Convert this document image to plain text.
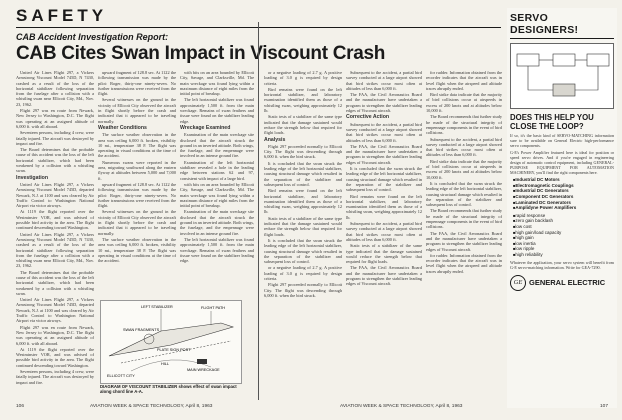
SAFETY
CAB Accident Investigation Report:
CAB Cites Swan Impact in Viscount Crash

United Air Lines Flight 297, a Vickers Armstrong Viscount Model 745D, N 7430, crashed as a result of the loss of the horizontal stabilizer following separation from the fuselage after a collision with a whistling swan near Ellicott City, Md., Nov. 23, 1962.

Flight 297 was en route from Newark, New Jersey to Washington, D.C. The flight was operating at an assigned altitude of 6,000 ft. with all aboard.

Seventeen persons, including 4 crew, were fatally injured. The aircraft was destroyed by impact and fire.

The Board determines that the probable cause of this accident was the loss of the left horizontal stabilizer, which had been weakened by a collision with a whistling swan.

Investigation

United Air Lines Flight 297, a Vickers Armstrong Viscount Model 745D, departed Newark, N.J. at 1100 and was cleared by Air Traffic Control to Washington National Airport via victor airways.

At 1119 the flight reported over the Westminster VOR, and was advised of possible bird activity in the area. The flight continued descending toward Washington.

United Air Lines Flight 297, a Vickers Armstrong Viscount Model 745D, N 7430, crashed as a result of the loss of the horizontal stabilizer following separation from the fuselage after a collision with a whistling swan near Ellicott City, Md., Nov. 23, 1962.

The Board determines that the probable cause of this accident was the loss of the left horizontal stabilizer, which had been weakened by a collision with a whistling swan.

United Air Lines Flight 297, a Vickers Armstrong Viscount Model 745D, departed Newark, N.J. at 1100 and was cleared by Air Traffic Control to Washington National Airport via victor airways.

Flight 297 was en route from Newark, New Jersey to Washington, D.C. The flight was operating at an assigned altitude of 6,000 ft. with all aboard.

At 1119 the flight reported over the Westminster VOR, and was advised of possible bird activity in the area. The flight continued descending toward Washington.

Seventeen persons, including 4 crew, were fatally injured. The aircraft was destroyed by impact and fire.

upward fragment of 128.8 sec. At 1122 the following transmission was made by the pilot: Roger, thirty-one ninety-seven. No further transmissions were received from the flight.

Several witnesses on the ground in the vicinity of Ellicott City observed the aircraft in flight shortly before the crash and indicated that it appeared to be traveling normally.

Weather Conditions

The surface weather observation in the area was ceiling 6,000 ft. broken, visibility 10 mi., temperature 38 F. The flight was operating in visual conditions at the time of the accident.

Numerous swans were reported in the area, migrating southward along the eastern flyway at altitudes between 5,000 and 7,000 ft.

upward fragment of 128.8 sec. At 1122 the following transmission was made by the pilot: Roger, thirty-one ninety-seven. No further transmissions were received from the flight.

Several witnesses on the ground in the vicinity of Ellicott City observed the aircraft in flight shortly before the crash and indicated that it appeared to be traveling normally.

The surface weather observation in the area was ceiling 6,000 ft. broken, visibility 10 mi., temperature 38 F. The flight was operating in visual conditions at the time of the accident.

with bits on an area bounded by Ellicott City, Savage, and Clarksville, Md. The main wreckage was found lying within a maximum distance of eight miles from the initial point of breakup.

The left horizontal stabilizer was found approximately 1,500 ft. from the main wreckage. Remains of swan feathers and tissue were found on the stabilizer leading edge.

Wreckage Examined

Examination of the main wreckage site disclosed that the aircraft struck the ground in an inverted attitude. Both wings, the fuselage, and the empennage were involved in an intense ground fire.

Examination of the left horizontal stabilizer revealed a hole in the leading edge between stations 62 and 97, consistent with impact of a large bird.

with bits on an area bounded by Ellicott City, Savage, and Clarksville, Md. The main wreckage was found lying within a maximum distance of eight miles from the initial point of breakup.

Examination of the main wreckage site disclosed that the aircraft struck the ground in an inverted attitude. Both wings, the fuselage, and the empennage were involved in an intense ground fire.

The left horizontal stabilizer was found approximately 1,500 ft. from the main wreckage. Remains of swan feathers and tissue were found on the stabilizer leading edge.

LEFT STABILIZER	FLIGHT PATH
MAIN WRECKAGE
ELLICOTT CITY
SWAN FRAGMENTS
PLATE SIGN POST
HILL
DIAGRAM OF VISCOUNT STABILIZER shows effect of swan impact along chord line A-A.

or a negative loading of 2.7 g. A positive loading of 3.0 g is required by design criteria.

Bird remains were found on the left horizontal stabilizer, and laboratory examination identified them as those of a whistling swan, weighing approximately 12 lb.

Static tests of a stabilizer of the same type indicated that the damage sustained would reduce the strength below that required for flight loads.

Analysis

Flight 297 proceeded normally to Ellicott City. The flight was descending through 6,000 ft. when the bird struck.

It is concluded that the swan struck the leading edge of the left horizontal stabilizer, causing structural damage which resulted in the separation of the stabilizer and subsequent loss of control.

Bird remains were found on the left horizontal stabilizer, and laboratory examination identified them as those of a whistling swan, weighing approximately 12 lb.

Static tests of a stabilizer of the same type indicated that the damage sustained would reduce the strength below that required for flight loads.

It is concluded that the swan struck the leading edge of the left horizontal stabilizer, causing structural damage which resulted in the separation of the stabilizer and subsequent loss of control.

or a negative loading of 2.7 g. A positive loading of 3.0 g is required by design criteria.

Flight 297 proceeded normally to Ellicott City. The flight was descending through 6,000 ft. when the bird struck.

Subsequent to the accident, a partial bird survey conducted at a large airport showed that bird strikes occur most often at altitudes of less than 6,000 ft.

The FAA, the Civil Aeronautics Board and the manufacturer have undertaken a program to strengthen the stabilizer leading edges of Viscount aircraft.

Corrective Action

Subsequent to the accident, a partial bird survey conducted at a large airport showed that bird strikes occur most often at altitudes of less than 6,000 ft.

The FAA, the Civil Aeronautics Board and the manufacturer have undertaken a program to strengthen the stabilizer leading edges of Viscount aircraft.

It is concluded that the swan struck the leading edge of the left horizontal stabilizer, causing structural damage which resulted in the separation of the stabilizer and subsequent loss of control.

Bird remains were found on the left horizontal stabilizer, and laboratory examination identified them as those of a whistling swan, weighing approximately 12 lb.

Subsequent to the accident, a partial bird survey conducted at a large airport showed that bird strikes occur most often at altitudes of less than 6,000 ft.

Static tests of a stabilizer of the same type indicated that the damage sustained would reduce the strength below that required for flight loads.

The FAA, the Civil Aeronautics Board and the manufacturer have undertaken a program to strengthen the stabilizer leading edges of Viscount aircraft.

for rudder. Information obtained from the recorder indicates that the aircraft was in level flight when the airspeed and altitude traces abruptly ended.

Bird strike data indicate that the majority of bird collisions occur at airspeeds in excess of 200 knots and at altitudes below 10,000 ft.

The Board recommends that further study be made of the structural integrity of empennage components in the event of bird collisions.

Subsequent to the accident, a partial bird survey conducted at a large airport showed that bird strikes occur most often at altitudes of less than 6,000 ft.

Bird strike data indicate that the majority of bird collisions occur at airspeeds in excess of 200 knots and at altitudes below 10,000 ft.

It is concluded that the swan struck the leading edge of the left horizontal stabilizer, causing structural damage which resulted in the separation of the stabilizer and subsequent loss of control.

The Board recommends that further study be made of the structural integrity of empennage components in the event of bird collisions.

The FAA, the Civil Aeronautics Board and the manufacturer have undertaken a program to strengthen the stabilizer leading edges of Viscount aircraft.

for rudder. Information obtained from the recorder indicates that the aircraft was in level flight when the airspeed and altitude traces abruptly ended.

SERVO DESIGNERS!
DOES THIS HELP YOU CLOSE THE LOOP?
If so, it's the basic kind of SERVO-MATCHING information sure to be available on General Electric high-performance servo components.
G-E's Power Amplifier featured here is ideal for position or speed servo drives. And if you're engaged in engineering design of automatic control equipment, including GENERAL-PURPOSE EQUIPMENT FOR AUTOMATION MACHINERY, you'll find the right components here.
■ Industrial DC Motors
■ Electromagnetic Couplings
■ Industrial DC Generators
■ Component DC Generators
■ Laminated DC Generators
■ Amplidyne Power Amplifiers
■ rapid response
■ zero gain backlash
■ low cost
■ high gain/load capacity
■ high gain
■ low inertia
■ low ripple
■ high reliability
Whatever the application, your servo system will benefit from G-E servo-matching information. Write for GEA-7290.
GE GENERAL ELECTRIC
106	AVIATION WEEK & SPACE TECHNOLOGY, April 8, 1963	AVIATION WEEK & SPACE TECHNOLOGY, April 8, 1963	107
